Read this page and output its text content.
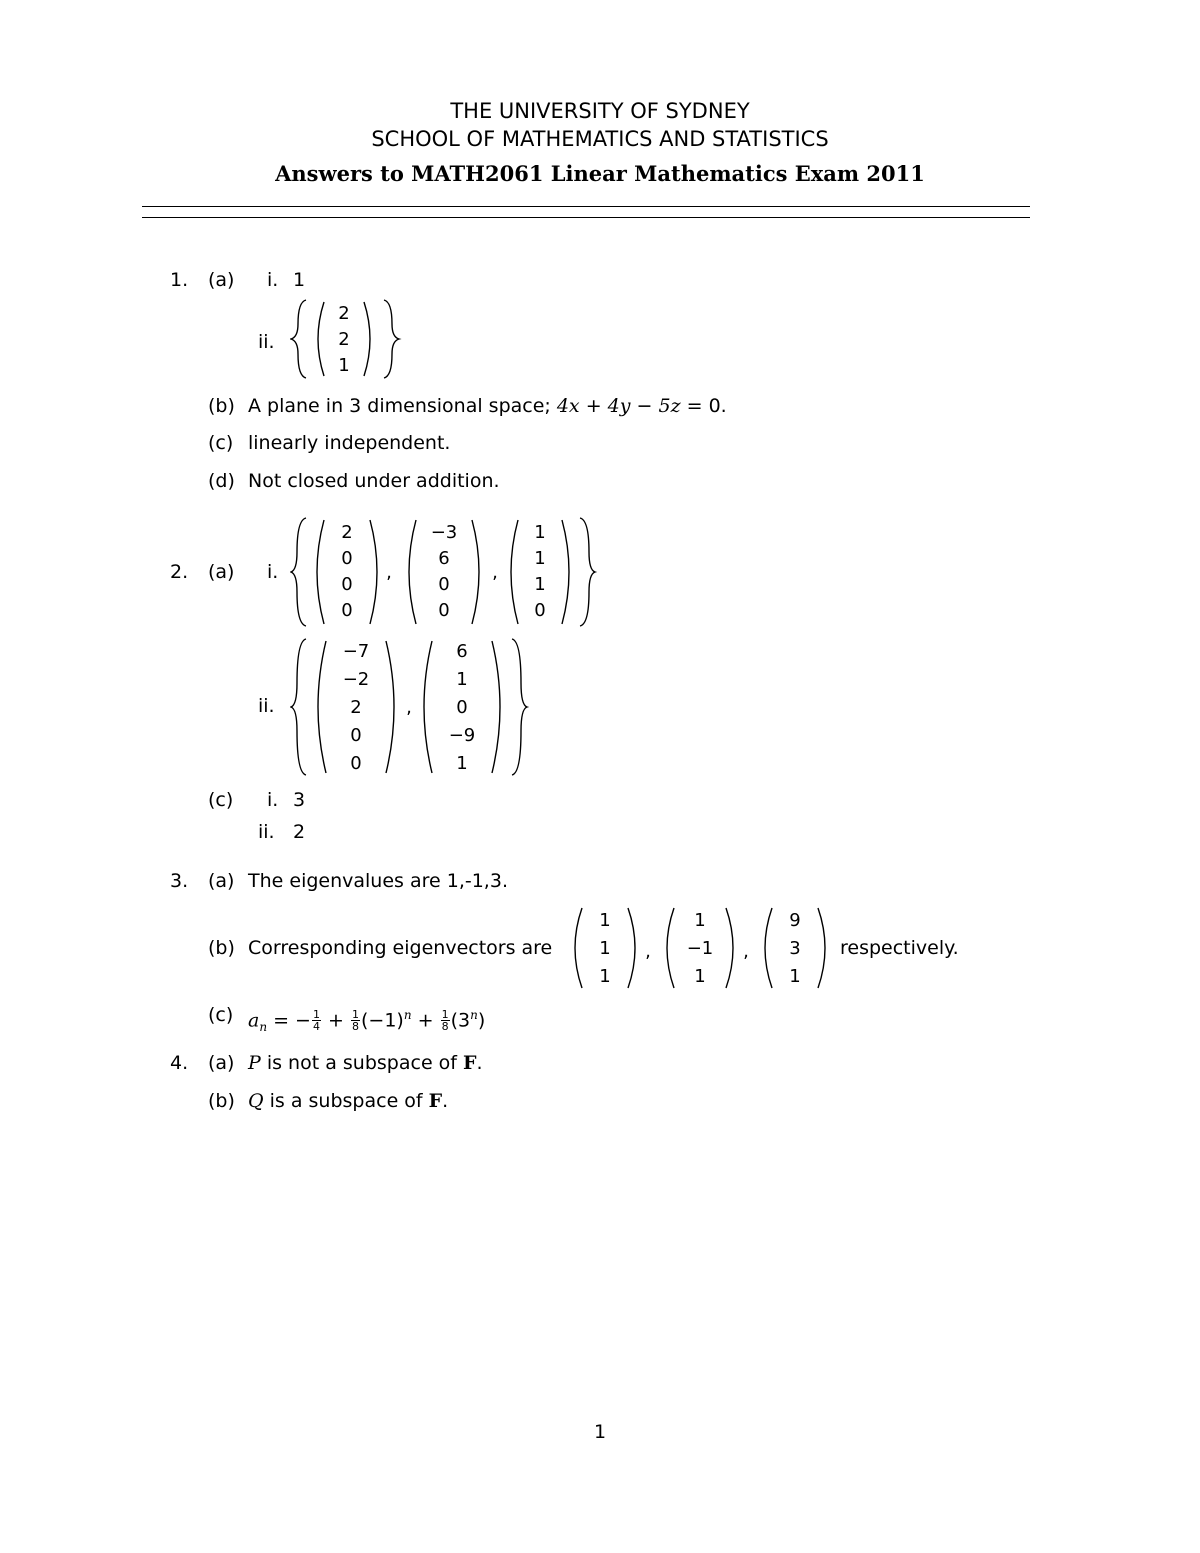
THE UNIVERSITY OF SYDNEY
SCHOOL OF MATHEMATICS AND STATISTICS
Answers to MATH2061 Linear Mathematics Exam 2011
1. (a) i. 1
ii.
2
2
1
(b) A plane in 3 dimensional space; 4x + 4y − 5z = 0.
(c) linearly independent.
(d) Not closed under addition.
2. (a) i.
2
0
0
0
,
−3
6
0
0
,
1
1
1
0
ii.
−7
−2
2
0
0
,
6
1
0
−9
1
(c) i. 3
ii. 2
3. (a) The eigenvalues are 1,-1,3.
(b) Corresponding eigenvectors are
1
1
1
,
1
−1
1
,
9
3
1
respectively.
(c) $a_n$ = − $\frac{1}{4} + \frac{1}{8} (-1)^n + \frac{1}{8} (3^n)$
4. (a) P is not a subspace of F.
(b) Q is a subspace of F.
1
